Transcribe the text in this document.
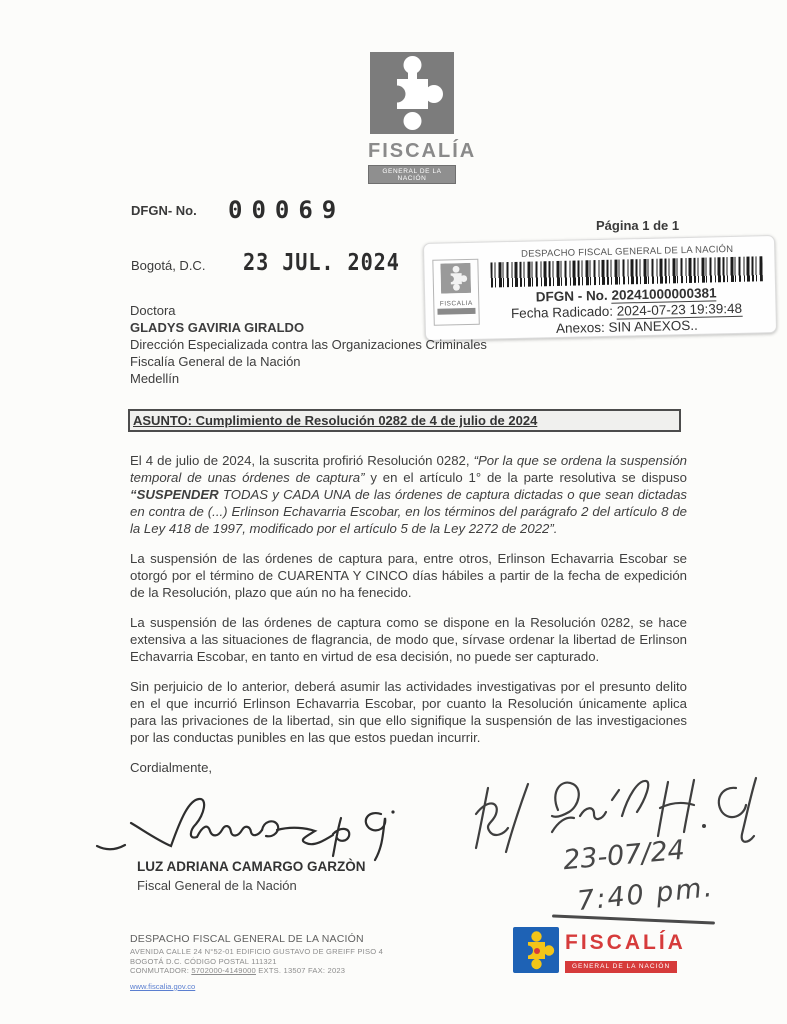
FISCALÍA
GENERAL DE LA NACIÓN
DFGN- No. 00069
Bogotá, D.C. 23 JUL. 2024
Página 1 de 1
FISCALIA
DESPACHO FISCAL GENERAL DE LA NACIÓN
DFGN - No. 20241000000381
Fecha Radicado: 2024-07-23 19:39:48
Anexos: SIN ANEXOS..
Doctora
GLADYS GAVIRIA GIRALDO
Dirección Especializada contra las Organizaciones Criminales
Fiscalía General de la Nación
Medellín
ASUNTO: Cumplimiento de Resolución 0282 de 4 de julio de 2024

El 4 de julio de 2024, la suscrita profirió Resolución 0282, “Por la que se ordena la suspensión temporal de unas órdenes de captura” y en el artículo 1° de la parte resolutiva se dispuso “SUSPENDER TODAS y CADA UNA de las órdenes de captura dictadas o que sean dictadas en contra de (...) Erlinson Echavarria Escobar, en los términos del parágrafo 2 del artículo 8 de la Ley 418 de 1997, modificado por el artículo 5 de la Ley 2272 de 2022”.

La suspensión de las órdenes de captura para, entre otros, Erlinson Echavarria Escobar se otorgó por el término de CUARENTA Y CINCO días hábiles a partir de la fecha de expedición de la Resolución, plazo que aún no ha fenecido.

La suspensión de las órdenes de captura como se dispone en la Resolución 0282, se hace extensiva a las situaciones de flagrancia, de modo que, sírvase ordenar la libertad de Erlinson Echavarria Escobar, en tanto en virtud de esa decisión, no puede ser capturado.

Sin perjuicio de lo anterior, deberá asumir las actividades investigativas por el presunto delito en el que incurrió Erlinson Echavarria Escobar, por cuanto la Resolución únicamente aplica para las privaciones de la libertad, sin que ello signifique la suspensión de las investigaciones por las conductas punibles en las que estos puedan incurrir.

Cordialmente,

LUZ ADRIANA CAMARGO GARZÒN
Fiscal General de la Nación
23-07/24
7:40 pm.
DESPACHO FISCAL GENERAL DE LA NACIÓN
AVENIDA CALLE 24 N°52-01 EDIFICIO GUSTAVO DE GREIFF PISO 4
BOGOTÁ D.C. CÓDIGO POSTAL 111321
CONMUTADOR: 5702000-4149000 EXTS. 13507 FAX: 2023
www.fiscalia.gov.co
FISCALÍA
GENERAL DE LA NACIÓN
